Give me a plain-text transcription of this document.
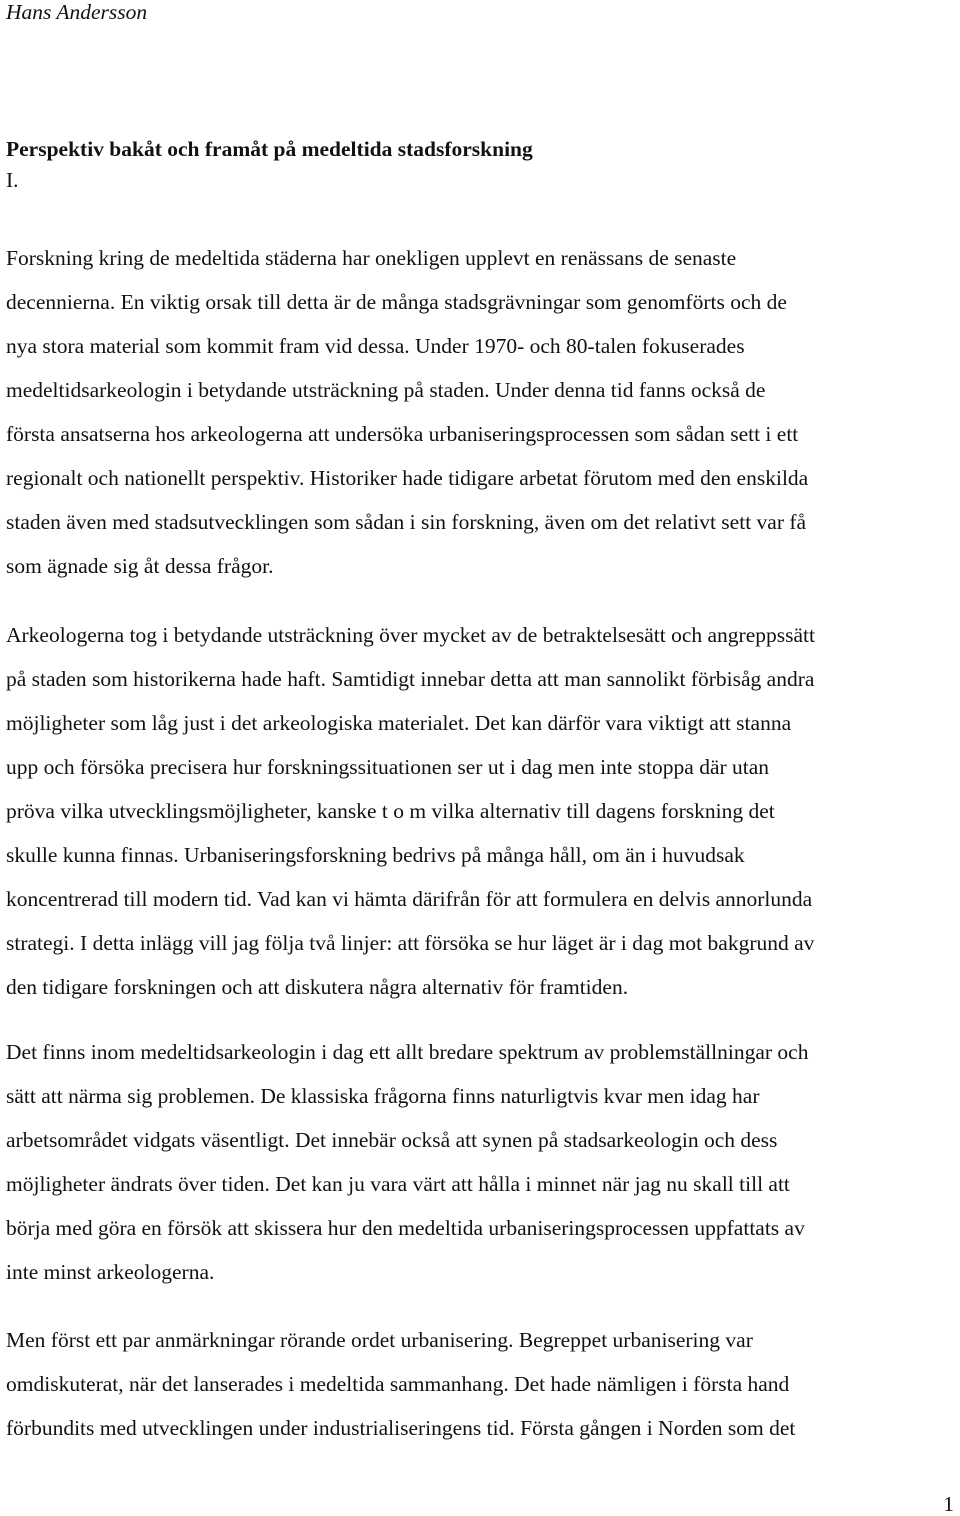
Hans Andersson
Perspektiv bakåt och framåt på medeltida stadsforskning
I.
Forskning kring de medeltida städerna har onekligen upplevt en renässans de senaste
decennierna. En viktig orsak till detta är de många stadsgrävningar som genomförts och de
nya stora material som kommit fram vid dessa. Under 1970- och 80-talen fokuserades
medeltidsarkeologin i betydande utsträckning på staden. Under denna tid fanns också de
första ansatserna hos arkeologerna att undersöka urbaniseringsprocessen som sådan sett i ett
regionalt och nationellt perspektiv. Historiker hade tidigare arbetat förutom med den enskilda
staden även med stadsutvecklingen som sådan i sin forskning, även om det relativt sett var få
som ägnade sig åt dessa frågor.
Arkeologerna tog i betydande utsträckning över mycket av de betraktelsesätt och angreppssätt
på staden som historikerna hade haft. Samtidigt innebar detta att man sannolikt förbisåg andra
möjligheter som låg just i det arkeologiska materialet. Det kan därför vara viktigt att stanna
upp och försöka precisera hur forskningssituationen ser ut i dag men inte stoppa där utan
pröva vilka utvecklingsmöjligheter, kanske t o m vilka alternativ till dagens forskning det
skulle kunna finnas. Urbaniseringsforskning bedrivs på många håll, om än i huvudsak
koncentrerad till modern tid. Vad kan vi hämta därifrån för att formulera en delvis annorlunda
strategi. I detta inlägg vill jag följa två linjer: att försöka se hur läget är i dag mot bakgrund av
den tidigare forskningen och att diskutera några alternativ för framtiden.
Det finns inom medeltidsarkeologin i dag ett allt bredare spektrum av problemställningar och
sätt att närma sig problemen. De klassiska frågorna finns naturligtvis kvar men idag har
arbetsområdet vidgats väsentligt. Det innebär också att synen på stadsarkeologin och dess
möjligheter ändrats över tiden. Det kan ju vara värt att hålla i minnet när jag nu skall till att
börja med göra en försök att skissera hur den medeltida urbaniseringsprocessen uppfattats av
inte minst arkeologerna.
Men först ett par anmärkningar rörande ordet urbanisering. Begreppet urbanisering var
omdiskuterat, när det lanserades i medeltida sammanhang. Det hade nämligen i första hand
förbundits med utvecklingen under industrialiseringens tid. Första gången i Norden som det
1
